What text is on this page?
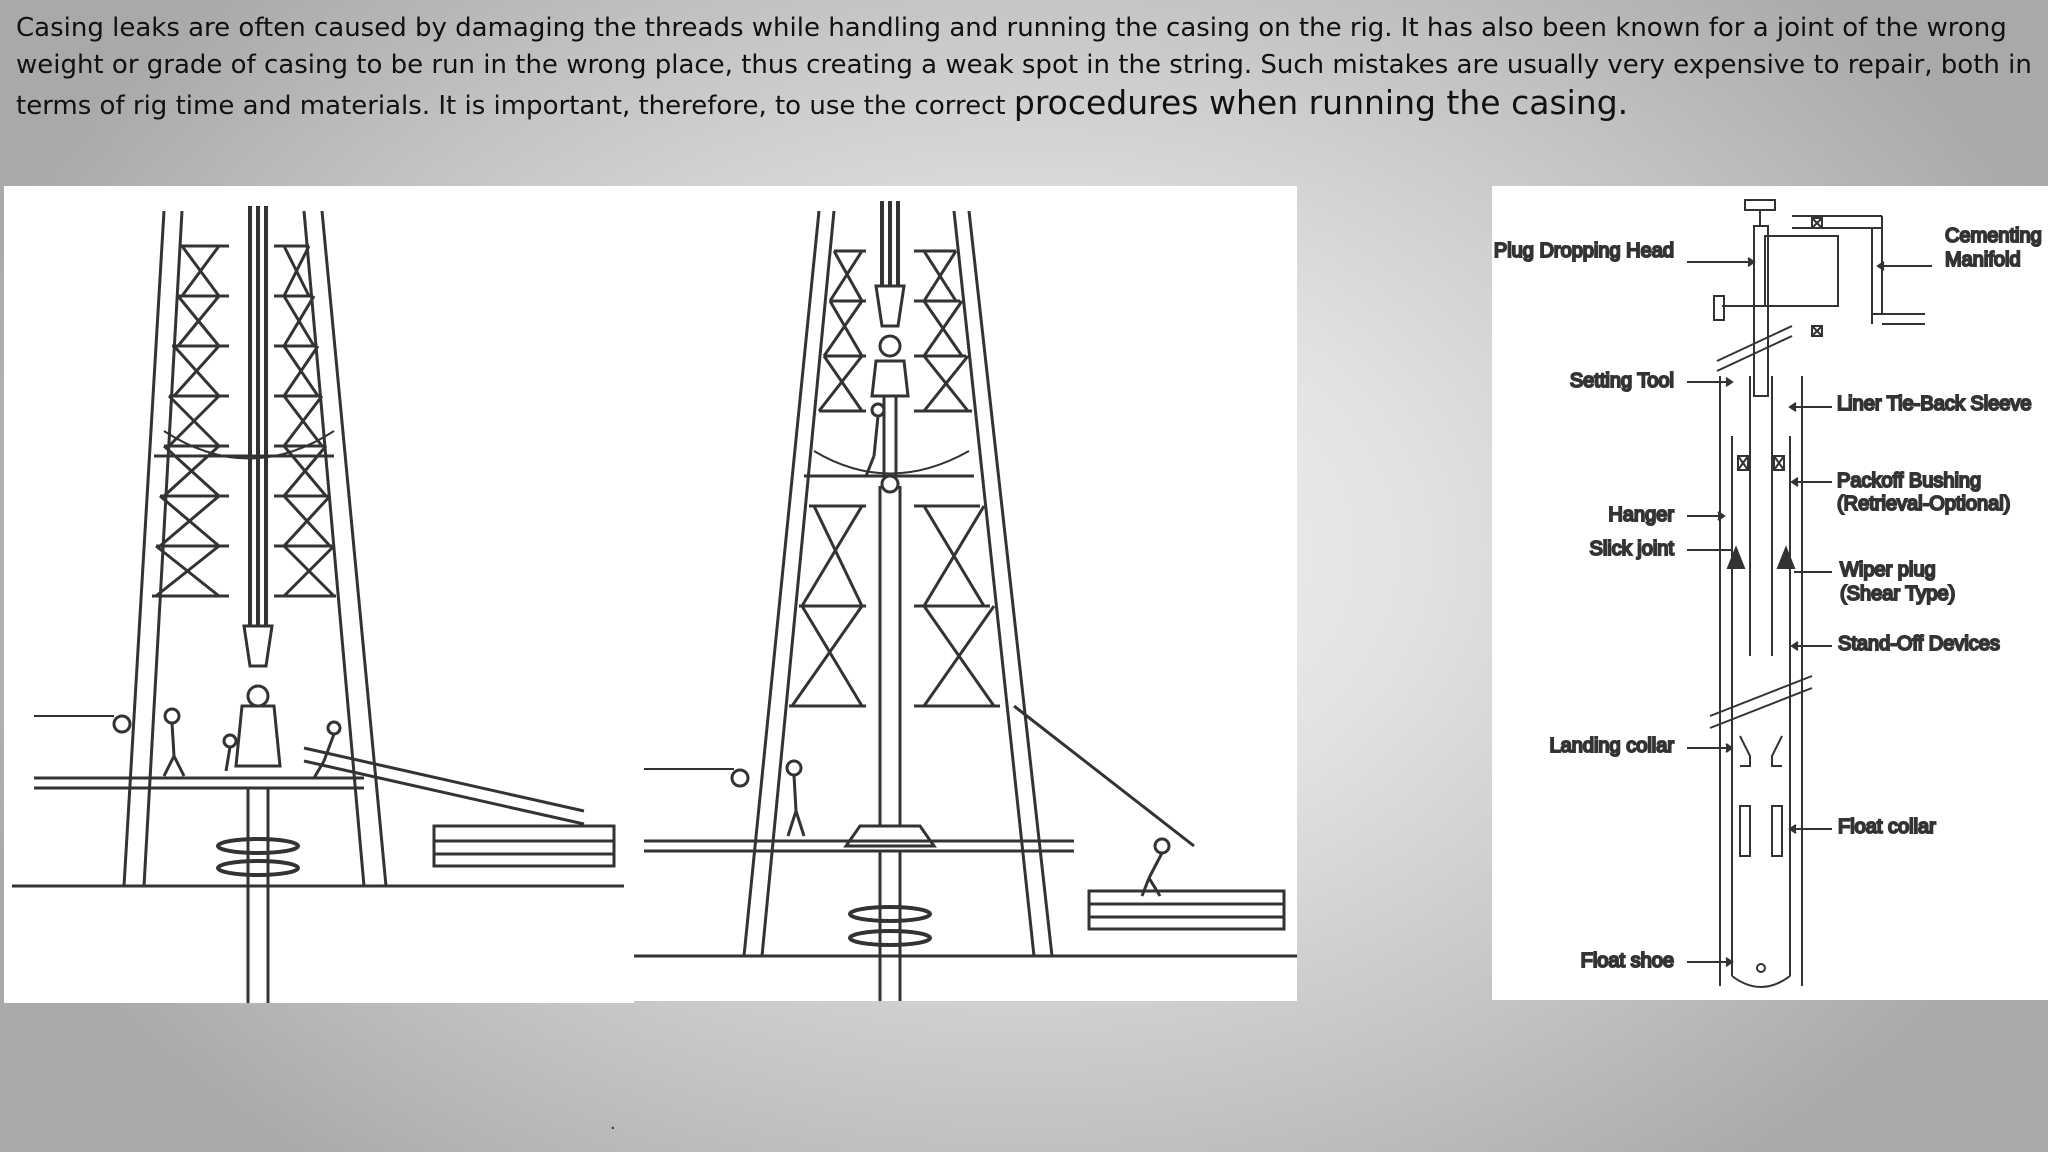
Casing leaks are often caused by damaging the threads while handling and running the casing on the rig. It has also been known for a joint of the wrong weight or grade of casing to be run in the wrong place, thus creating a weak spot in the string. Such mistakes are usually very expensive to repair, both in terms of rig time and materials. It is important, therefore, to use the correct procedures when running the casing.

Plug Dropping Head
Setting Tool
Hanger
Slick joint
Landing collar
Float shoe
Cementing
Manifold
Liner Tie-Back Sleeve
Packoff Bushing
(Retrieval-Optional)
Wiper plug
(Shear Type)
Stand-Off Devices
Float collar
.
